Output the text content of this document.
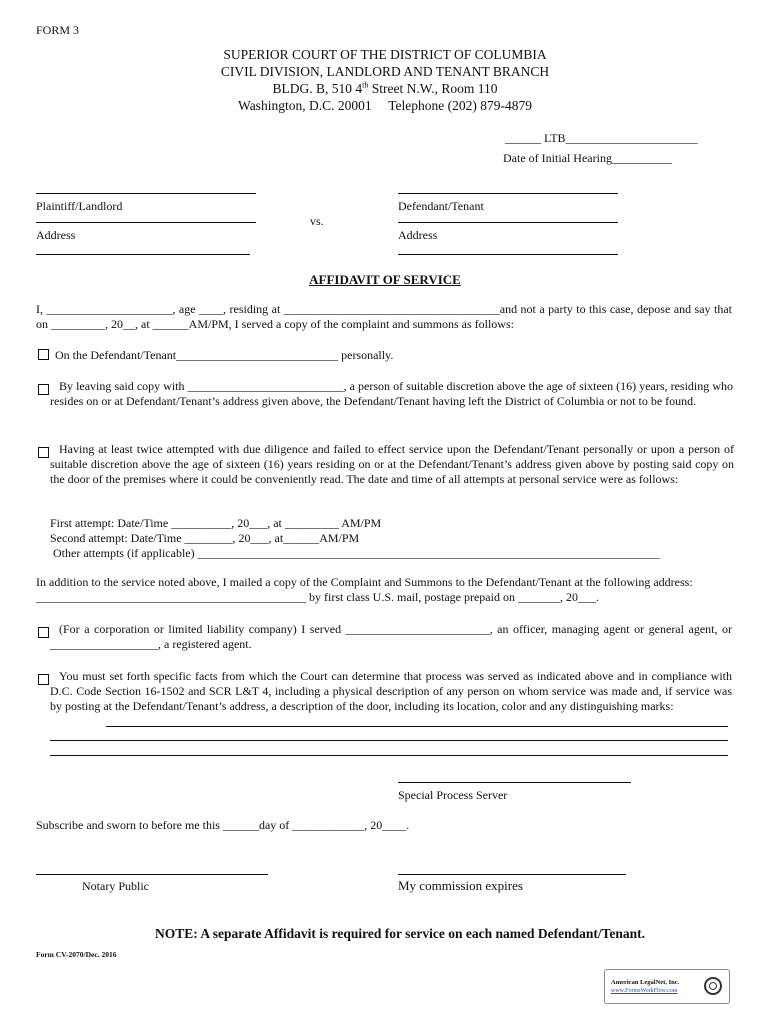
FORM 3
SUPERIOR COURT OF THE DISTRICT OF COLUMBIA
CIVIL DIVISION, LANDLORD AND TENANT BRANCH
BLDG. B, 510 4th Street N.W., Room 110
Washington, D.C. 20001     Telephone (202) 879-4879
______ LTB______________________
Date of Initial Hearing__________
Plaintiff/Landlord
Address
vs.
Defendant/Tenant
Address
AFFIDAVIT OF SERVICE
I, _____________________, age ____, residing at ____________________________________and not a party to this case, depose and say that on _________, 20__, at ______AM/PM, I served a copy of the complaint and summons as follows:
On the Defendant/Tenant___________________________ personally.
By leaving said copy with __________________________, a person of suitable discretion above the age of sixteen (16) years, residing who resides on or at Defendant/Tenant’s address given above, the Defendant/Tenant having left the District of Columbia or not to be found.
Having at least twice attempted with due diligence and failed to effect service upon the Defendant/Tenant personally or upon a person of suitable discretion above the age of sixteen (16) years residing on or at the Defendant/Tenant’s address given above by posting said copy on the door of the premises where it could be conveniently read. The date and time of all attempts at personal service were as follows:
First attempt: Date/Time __________, 20___, at _________ AM/PM
Second attempt: Date/Time ________, 20___, at______AM/PM
Other attempts (if applicable) _____________________________________________________________________________
In addition to the service noted above, I mailed a copy of the Complaint and Summons to the Defendant/Tenant at the following address: _____________________________________________ by first class U.S. mail, postage prepaid on _______, 20___.
(For a corporation or limited liability company) I served ________________________, an officer, managing agent or general agent, or __________________, a registered agent.
You must set forth specific facts from which the Court can determine that process was served as indicated above and in compliance with D.C. Code Section 16-1502 and SCR L&T 4, including a physical description of any person on whom service was made and, if service was by posting at the Defendant/Tenant’s address, a description of the door, including its location, color and any distinguishing marks:
Special Process Server
Subscribe and sworn to before me this ______day of ____________, 20____.
Notary Public	My commission expires
NOTE: A separate Affidavit is required for service on each named Defendant/Tenant.
Form CV-2070/Dec. 2016
American LegalNet, Inc.
www.FormsWorkFlow.com
